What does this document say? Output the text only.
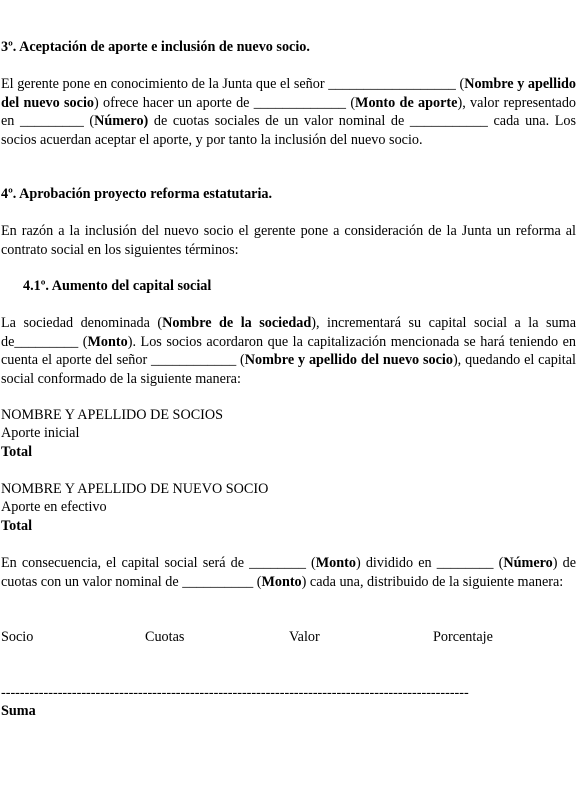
3º. Aceptación de aporte e inclusión de nuevo socio.
El gerente pone en conocimiento de la Junta que el señor __________________ (Nombre y apellido del nuevo socio) ofrece hacer un aporte de _____________ (Monto de aporte), valor representado en _________ (Número) de cuotas sociales de un valor nominal de ___________ cada una. Los socios acuerdan aceptar el aporte, y por tanto la inclusión del nuevo socio.
4º. Aprobación proyecto reforma estatutaria.
En razón a la inclusión del nuevo socio el gerente pone a consideración de la Junta un reforma al contrato social en los siguientes términos:
4.1º. Aumento del capital social
La sociedad denominada (Nombre de la sociedad), incrementará su capital social a la suma de_________ (Monto). Los socios acordaron que la capitalización mencionada se hará teniendo en cuenta el aporte del señor ____________ (Nombre y apellido del nuevo socio), quedando el capital social conformado de la siguiente manera:
NOMBRE Y APELLIDO DE SOCIOS
Aporte inicial
Total
NOMBRE Y APELLIDO DE NUEVO SOCIO
Aporte en efectivo
Total
En consecuencia, el capital social será de ________ (Monto) dividido en ________ (Número) de cuotas con un valor nominal de __________ (Monto) cada una, distribuido de la siguiente manera:
Socio	Cuotas	Valor	Porcentaje
---------------------------------------------------------------------------------------------------
Suma
